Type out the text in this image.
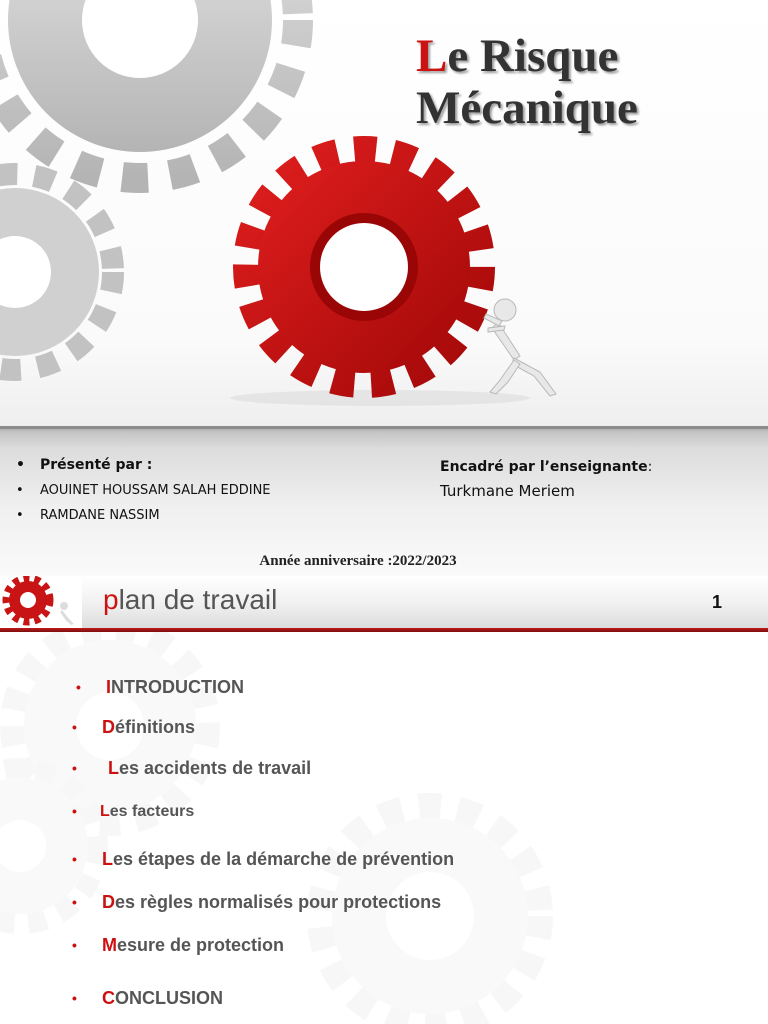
Le Risque
Mécanique
• Présenté par :
• AOUINET HOUSSAM SALAH EDDINE
• RAMDANE NASSIM
Encadré par l’enseignante:
Turkmane Meriem
Année anniversaire :2022/2023
plan de travail	1
• INTRODUCTION
• Définitions
• Les accidents de travail
• Les facteurs
• Les étapes de la démarche de prévention
• Des règles normalisés pour protections
• Mesure de protection
• CONCLUSION
